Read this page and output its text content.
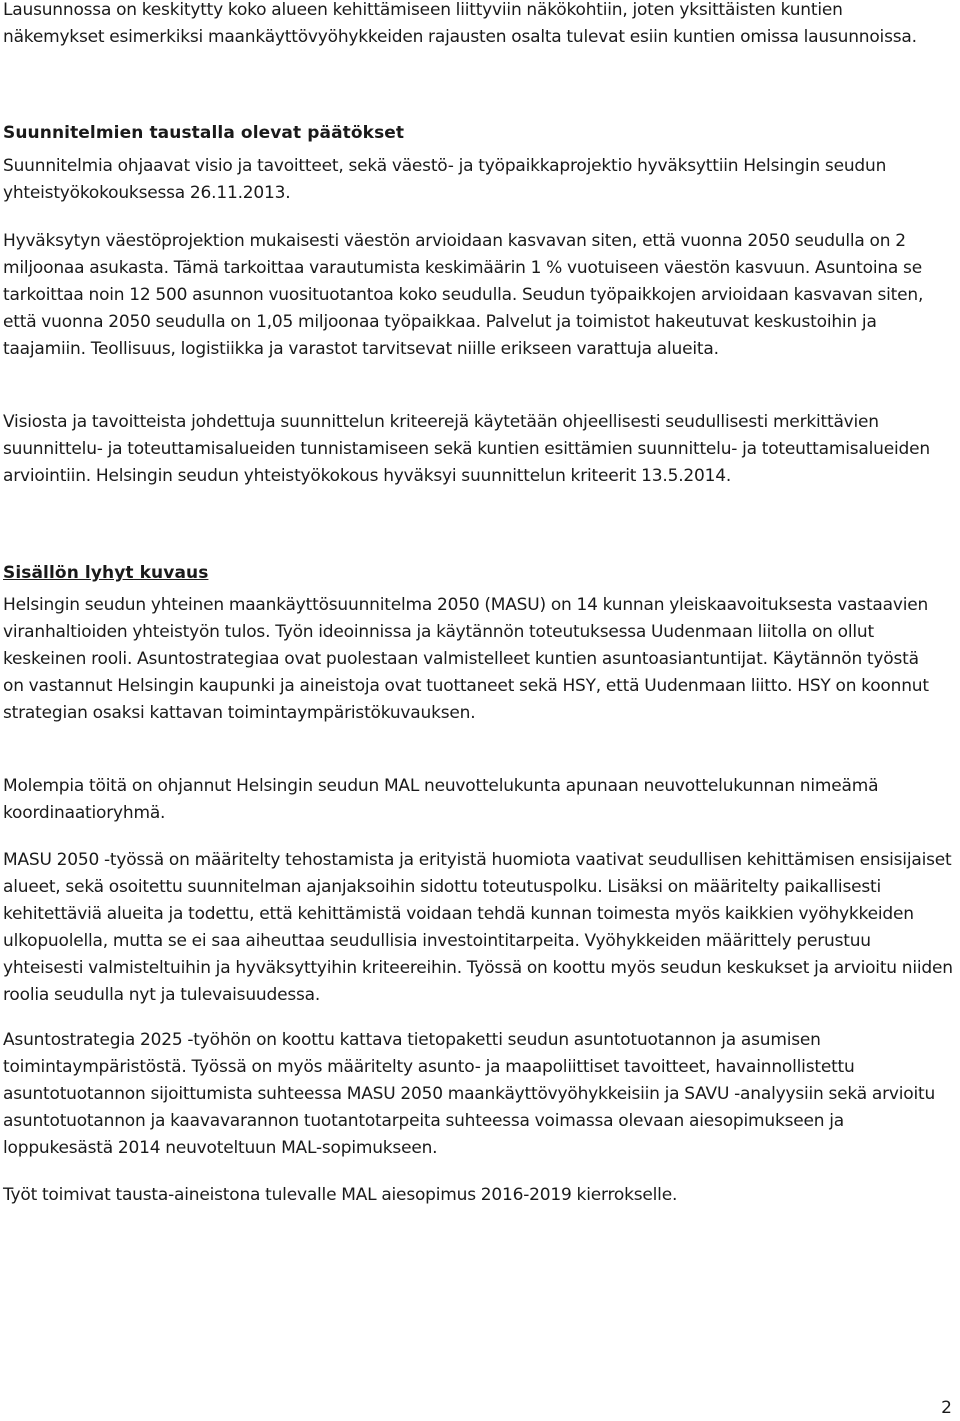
Lausunnossa on keskitytty koko alueen kehittämiseen liittyviin näkökohtiin, joten yksittäisten kuntien näkemykset esimerkiksi maankäyttövyöhykkeiden rajausten osalta tulevat esiin kuntien omissa lausunnoissa.

Suunnitelmien taustalla olevat päätökset

Suunnitelmia ohjaavat visio ja tavoitteet, sekä väestö- ja työpaikkaprojektio hyväksyttiin Helsingin seudun yhteistyökokouksessa 26.11.2013.

Hyväksytyn väestöprojektion mukaisesti väestön arvioidaan kasvavan siten, että vuonna 2050 seudulla on 2 miljoonaa asukasta. Tämä tarkoittaa varautumista keskimäärin 1 % vuotuiseen väestön kasvuun. Asuntoina se tarkoittaa noin 12 500 asunnon vuosituotantoa koko seudulla. Seudun työpaikkojen arvioidaan kasvavan siten, että vuonna 2050 seudulla on 1,05 miljoonaa työpaikkaa. Palvelut ja toimistot hakeutuvat keskustoihin ja taajamiin. Teollisuus, logistiikka ja varastot tarvitsevat niille erikseen varattuja alueita.

Visiosta ja tavoitteista johdettuja suunnittelun kriteerejä käytetään ohjeellisesti seudullisesti merkittävien suunnittelu- ja toteuttamisalueiden tunnistamiseen sekä kuntien esittämien suunnittelu- ja toteuttamisalueiden arviointiin. Helsingin seudun yhteistyökokous hyväksyi suunnittelun kriteerit 13.5.2014.

Sisällön lyhyt kuvaus

Helsingin seudun yhteinen maankäyttösuunnitelma 2050 (MASU) on 14 kunnan yleiskaavoituksesta vastaavien viranhaltioiden yhteistyön tulos. Työn ideoinnissa ja käytännön toteutuksessa Uudenmaan liitolla on ollut keskeinen rooli. Asuntostrategiaa ovat puolestaan valmistelleet kuntien asuntoasiantuntijat. Käytännön työstä on vastannut Helsingin kaupunki ja aineistoja ovat tuottaneet sekä HSY, että Uudenmaan liitto. HSY on koonnut strategian osaksi kattavan toimintaympäristökuvauksen.

Molempia töitä on ohjannut Helsingin seudun MAL neuvottelukunta apunaan neuvottelukunnan nimeämä koordinaatioryhmä.

MASU 2050 -työssä on määritelty tehostamista ja erityistä huomiota vaativat seudullisen kehittämisen ensisijaiset alueet, sekä osoitettu suunnitelman ajanjaksoihin sidottu toteutuspolku. Lisäksi on määritelty paikallisesti kehitettäviä alueita ja todettu, että kehittämistä voidaan tehdä kunnan toimesta myös kaikkien vyöhykkeiden ulkopuolella, mutta se ei saa aiheuttaa seudullisia investointitarpeita. Vyöhykkeiden määrittely perustuu yhteisesti valmisteltuihin ja hyväksyttyihin kriteereihin. Työssä on koottu myös seudun keskukset ja arvioitu niiden roolia seudulla nyt ja tulevaisuudessa.

Asuntostrategia 2025 -työhön on koottu kattava tietopaketti seudun asuntotuotannon ja asumisen toimintaympäristöstä. Työssä on myös määritelty asunto- ja maapoliittiset tavoitteet, havainnollistettu asuntotuotannon sijoittumista suhteessa MASU 2050 maankäyttövyöhykkeisiin ja SAVU -analyysiin sekä arvioitu asuntotuotannon ja kaavavarannon tuotantotarpeita suhteessa voimassa olevaan aiesopimukseen ja loppukesästä 2014 neuvoteltuun MAL-sopimukseen.

Työt toimivat tausta-aineistona tulevalle MAL aiesopimus 2016-2019 kierrokselle.

2
